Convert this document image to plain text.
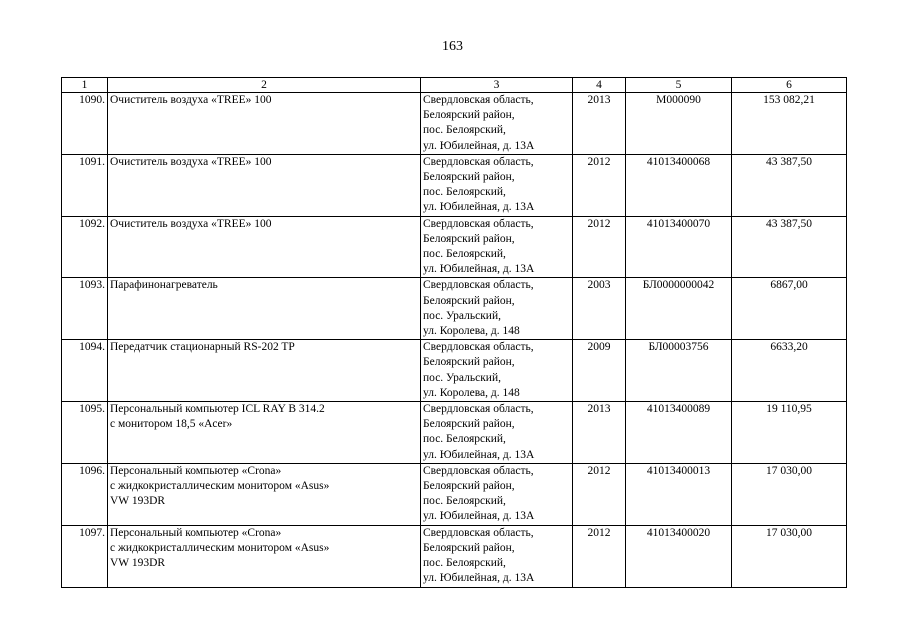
163
1	2	3	4	5	6
1090.	Очиститель воздуха «TREE» 100	Свердловская область,
Белоярский район,
пос. Белоярский,
ул. Юбилейная, д. 13А	2013	М000090	153 082,21
1091.	Очиститель воздуха «TREE» 100	Свердловская область,
Белоярский район,
пос. Белоярский,
ул. Юбилейная, д. 13А	2012	41013400068	43 387,50
1092.	Очиститель воздуха «TREE» 100	Свердловская область,
Белоярский район,
пос. Белоярский,
ул. Юбилейная, д. 13А	2012	41013400070	43 387,50
1093.	Парафинонагреватель	Свердловская область,
Белоярский район,
пос. Уральский,
ул. Королева, д. 148	2003	БЛ0000000042	6867,00
1094.	Передатчик стационарный RS-202 TP	Свердловская область,
Белоярский район,
пос. Уральский,
ул. Королева, д. 148	2009	БЛ00003756	6633,20
1095.	Персональный компьютер ICL RAY B 314.2
с монитором 18,5 «Acer»	Свердловская область,
Белоярский район,
пос. Белоярский,
ул. Юбилейная, д. 13А	2013	41013400089	19 110,95
1096.	Персональный компьютер «Crona»
с жидкокристаллическим монитором «Asus»
VW 193DR	Свердловская область,
Белоярский район,
пос. Белоярский,
ул. Юбилейная, д. 13А	2012	41013400013	17 030,00
1097.	Персональный компьютер «Crona»
с жидкокристаллическим монитором «Asus»
VW 193DR	Свердловская область,
Белоярский район,
пос. Белоярский,
ул. Юбилейная, д. 13А	2012	41013400020	17 030,00
